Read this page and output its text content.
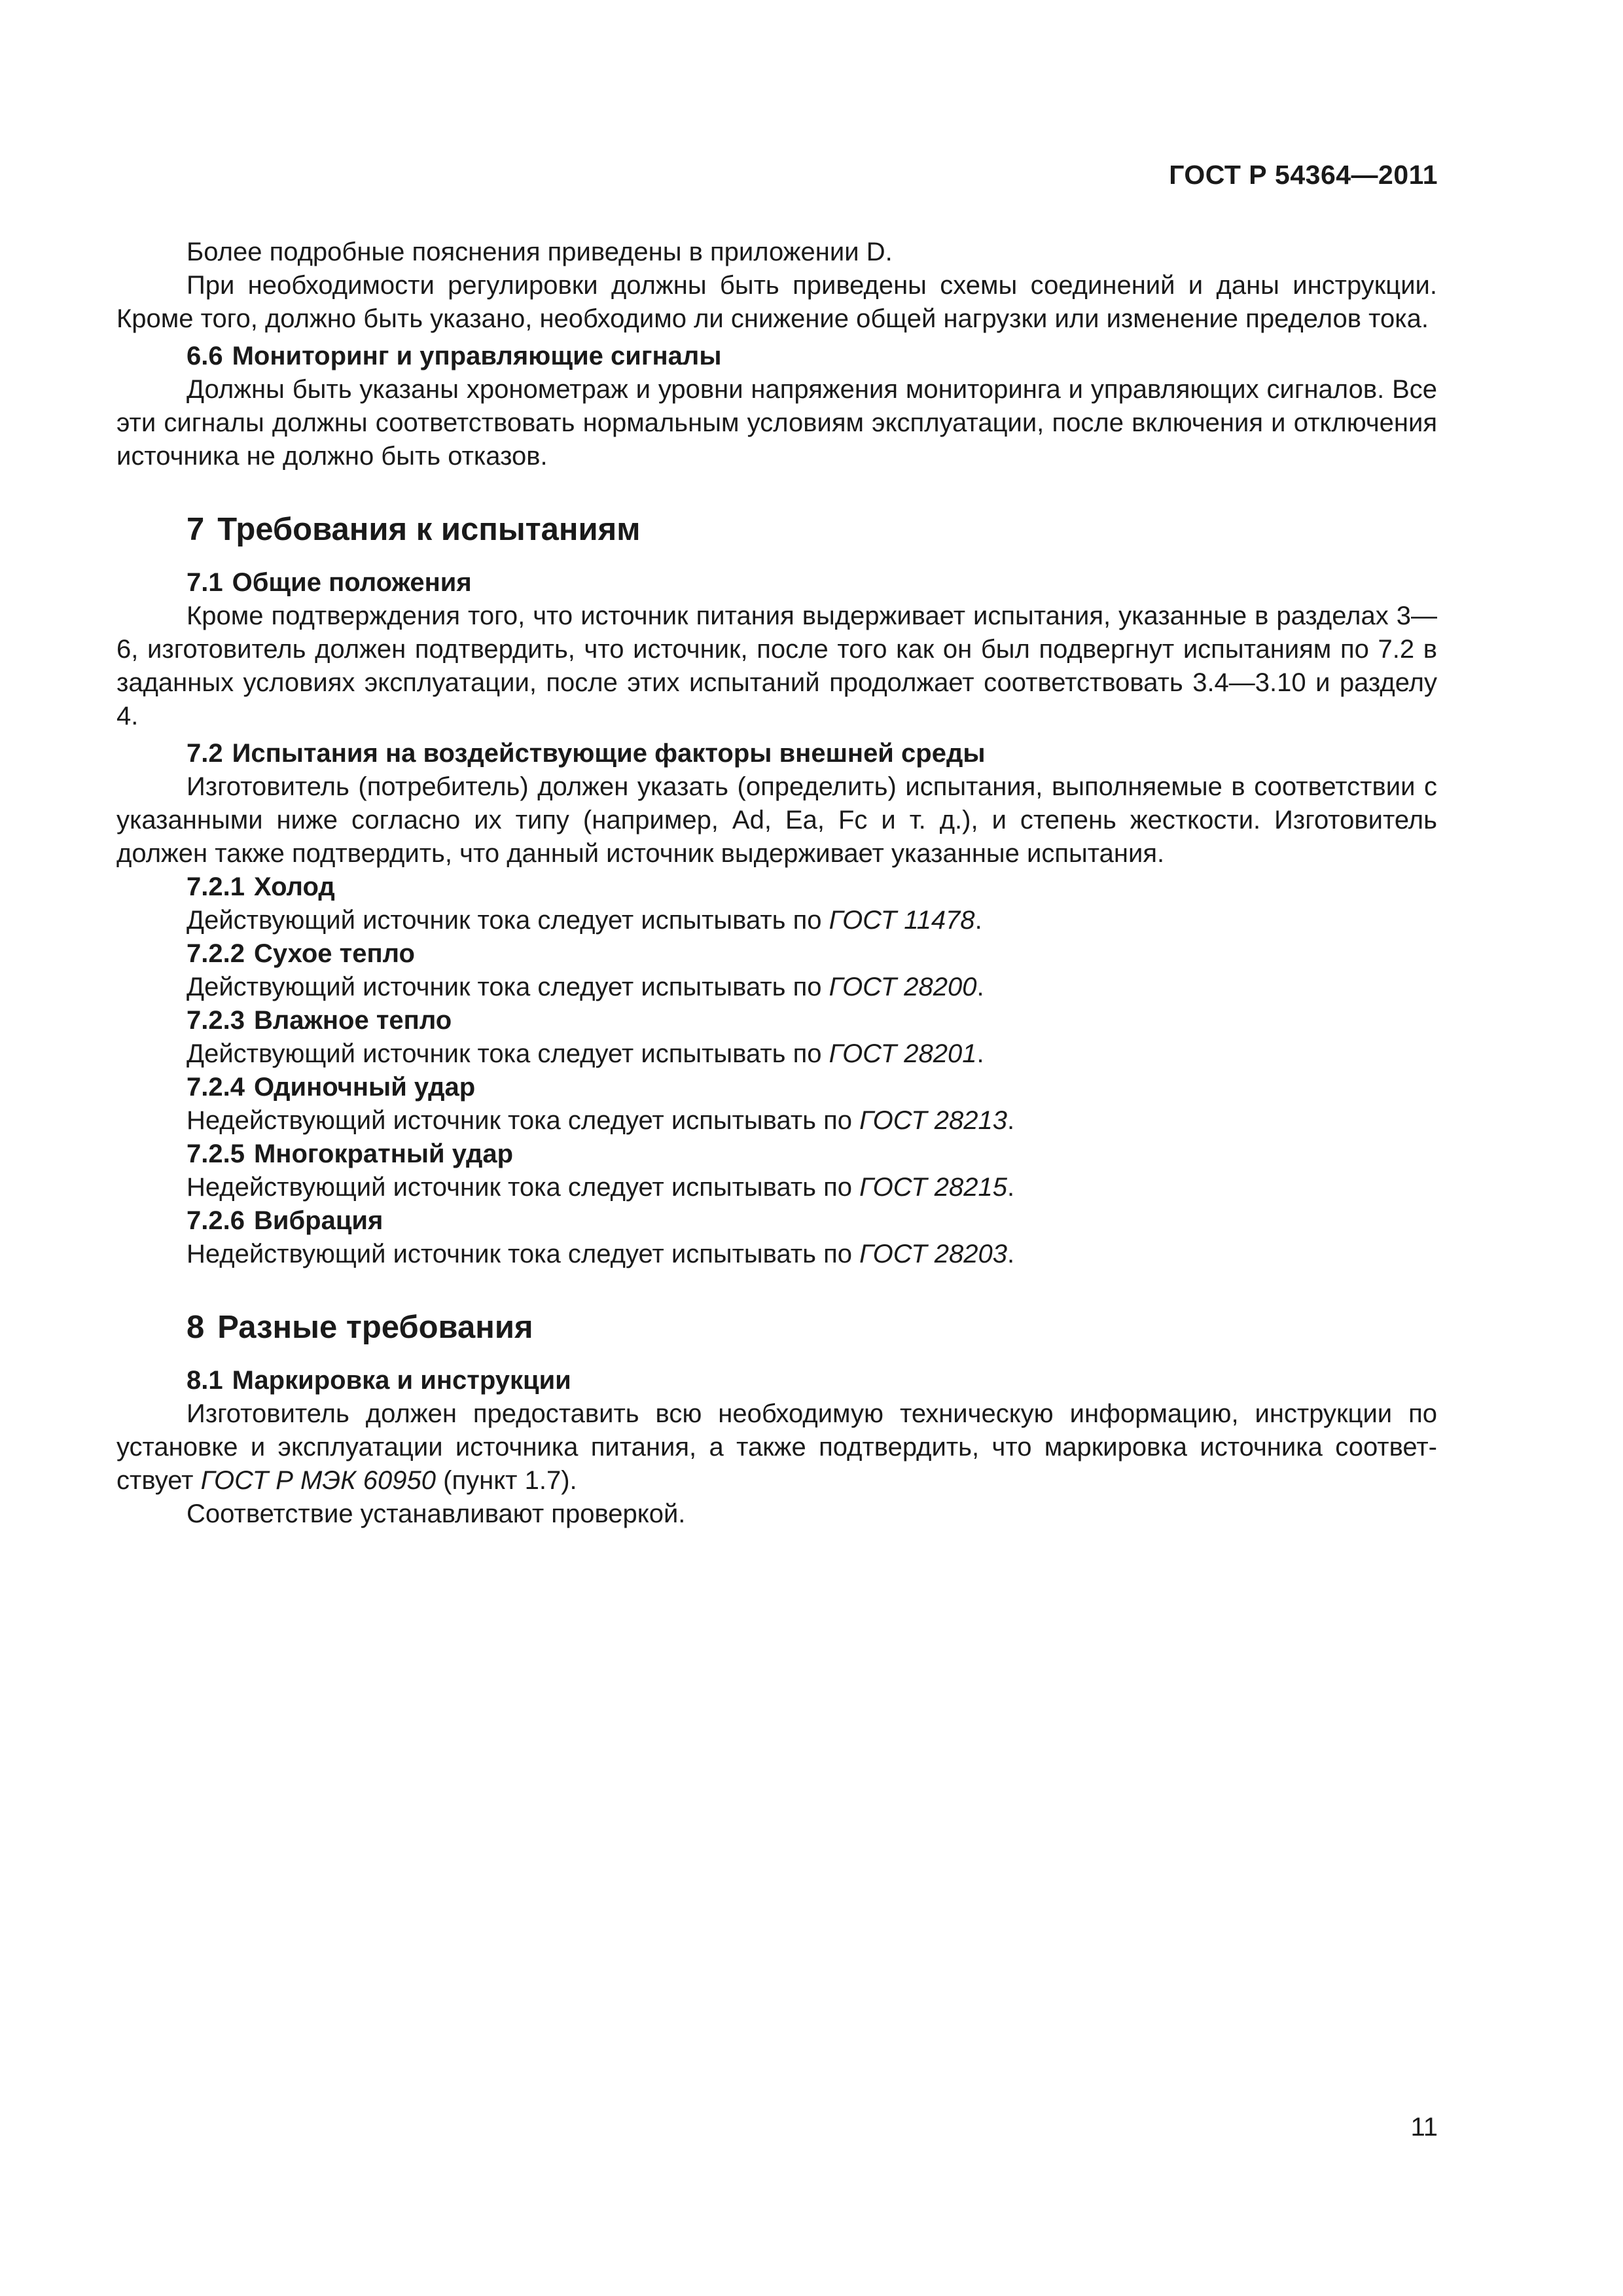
ГОСТ Р 54364—2011

Более подробные пояснения приведены в приложении D.

При необходимости регулировки должны быть приведены схемы соединений и даны инструкции. Кроме того, должно быть указано, необходимо ли снижение общей нагрузки или изменение пределов тока.

6.6 Мониторинг и управляющие сигналы

Должны быть указаны хронометраж и уровни напряжения мониторинга и управляющих сигналов. Все эти сигналы должны соответствовать нормальным условиям эксплуатации, после включения и отключения источника не должно быть отказов.

7 Требования к испытаниям
7.1 Общие положения

Кроме подтверждения того, что источник питания выдерживает испытания, указанные в разделах 3—6, изготовитель должен подтвердить, что источник, после того как он был подвергнут испытаниям по 7.2 в заданных условиях эксплуатации, после этих испытаний продолжает соответствовать 3.4—3.10 и разделу 4.

7.2 Испытания на воздействующие факторы внешней среды

Изготовитель (потребитель) должен указать (определить) испытания, выполняемые в соответствии с указанными ниже согласно их типу (например, Ad, Ea, Fc и т. д.), и степень жесткости. Изготовитель должен также подтвердить, что данный источник выдерживает указанные испытания.

7.2.1 Холод

Действующий источник тока следует испытывать по ГОСТ 11478.

7.2.2 Сухое тепло

Действующий источник тока следует испытывать по ГОСТ 28200.

7.2.3 Влажное тепло

Действующий источник тока следует испытывать по ГОСТ 28201.

7.2.4 Одиночный удар

Недействующий источник тока следует испытывать по ГОСТ 28213.

7.2.5 Многократный удар

Недействующий источник тока следует испытывать по ГОСТ 28215.

7.2.6 Вибрация

Недействующий источник тока следует испытывать по ГОСТ 28203.

8 Разные требования
8.1 Маркировка и инструкции

Изготовитель должен предоставить всю необходимую техническую информацию, инструкции по установке и эксплуатации источника питания, а также подтвердить, что маркировка источника соответствует ГОСТ Р МЭК 60950 (пункт 1.7).

Соответствие устанавливают проверкой.

11
